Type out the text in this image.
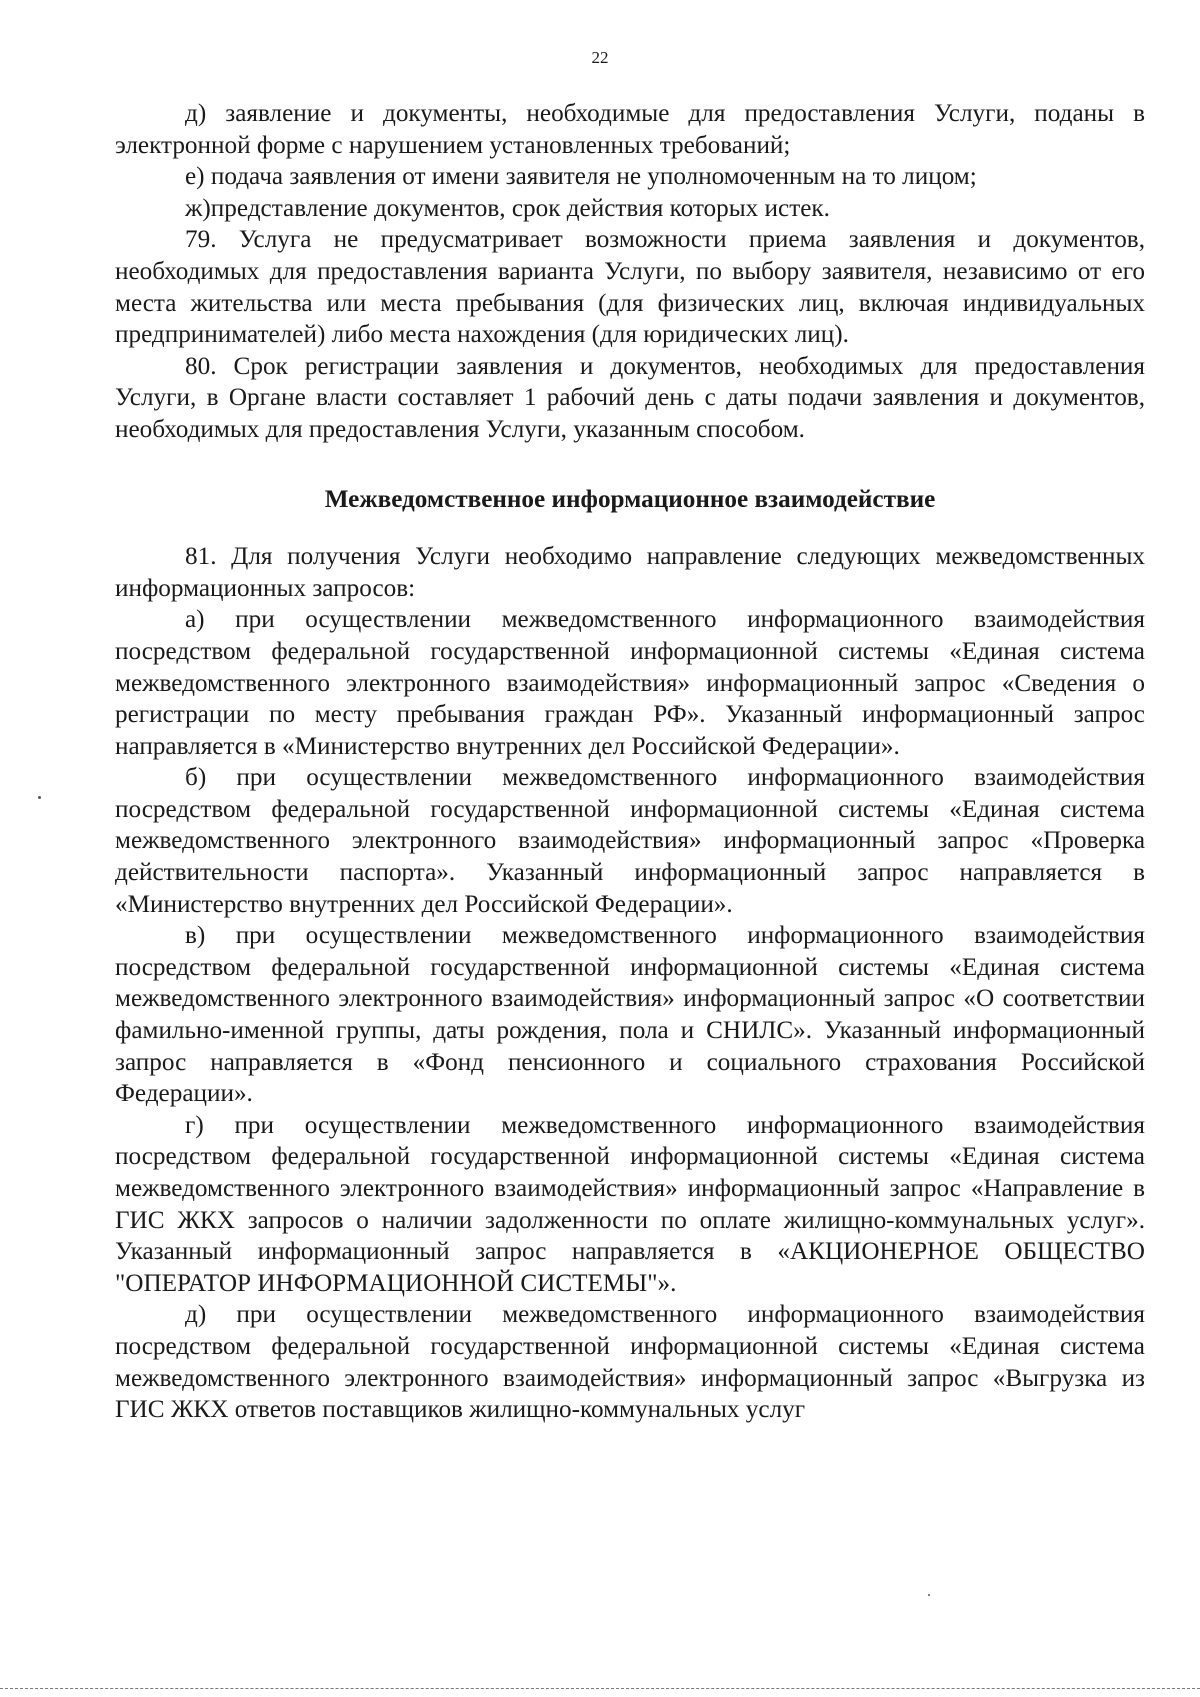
22

д) заявление и документы, необходимые для предоставления Услуги, поданы в электронной форме с нарушением установленных требований;

е) подача заявления от имени заявителя не уполномоченным на то лицом;

ж)представление документов, срок действия которых истек.

79. Услуга не предусматривает возможности приема заявления и документов, необходимых для предоставления варианта Услуги, по выбору заявителя, независимо от его места жительства или места пребывания (для физических лиц, включая индивидуальных предпринимателей) либо места нахождения (для юридических лиц).

80. Срок регистрации заявления и документов, необходимых для предоставления Услуги, в Органе власти составляет 1 рабочий день с даты подачи заявления и документов, необходимых для предоставления Услуги, указанным способом.

Межведомственное информационное взаимодействие

81. Для получения Услуги необходимо направление следующих межведомственных информационных запросов:

а) при осуществлении межведомственного информационного взаимодействия посредством федеральной государственной информационной системы «Единая система межведомственного электронного взаимодействия» информационный запрос «Сведения о регистрации по месту пребывания граждан РФ». Указанный информационный запрос направляется в «Министерство внутренних дел Российской Федерации».

б) при осуществлении межведомственного информационного взаимодействия посредством федеральной государственной информационной системы «Единая система межведомственного электронного взаимодействия» информационный запрос «Проверка действительности паспорта». Указанный информационный запрос направляется в «Министерство внутренних дел Российской Федерации».

в) при осуществлении межведомственного информационного взаимодействия посредством федеральной государственной информационной системы «Единая система межведомственного электронного взаимодействия» информационный запрос «О соответствии фамильно-именной группы, даты рождения, пола и СНИЛС». Указанный информационный запрос направляется в «Фонд пенсионного и социального страхования Российской Федерации».

г) при осуществлении межведомственного информационного взаимодействия посредством федеральной государственной информационной системы «Единая система межведомственного электронного взаимодействия» информационный запрос «Направление в ГИС ЖКХ запросов о наличии задолженности по оплате жилищно-коммунальных услуг». Указанный информационный запрос направляется в «АКЦИОНЕРНОЕ ОБЩЕСТВО "ОПЕРАТОР ИНФОРМАЦИОННОЙ СИСТЕМЫ"».

д) при осуществлении межведомственного информационного взаимодействия посредством федеральной государственной информационной системы «Единая система межведомственного электронного взаимодействия» информационный запрос «Выгрузка из ГИС ЖКХ ответов поставщиков жилищно-коммунальных услуг
